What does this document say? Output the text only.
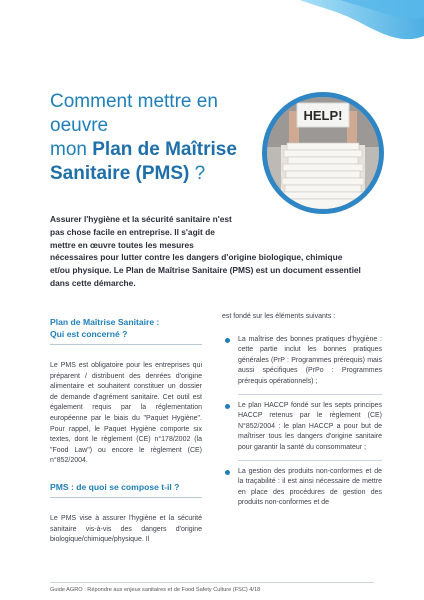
Comment mettre en
oeuvre
mon Plan de Maîtrise
Sanitaire (PMS) ?
HELP!

Assurer l'hygiène et la sécurité sanitaire n'est

pas chose facile en entreprise. Il s'agit de

mettre en œuvre toutes les mesures

nécessaires pour lutter contre les dangers d'origine biologique, chimique

et/ou physique. Le Plan de Maîtrise Sanitaire (PMS) est un document essentiel

dans cette démarche.

Plan de Maîtrise Sanitaire :

Qui est concerné ?

Le PMS est obligatoire pour les entreprises qui préparent / distribuent des denrées d'origine alimentaire et souhaitent constituer un dossier de demande d'agrément sanitaire. Cet outil est également requis par la réglementation européenne par le biais du "Paquet Hygiène". Pour rappel, le Paquet Hygiène comporte six textes, dont le règlement (CE) n°178/2002 (la "Food Law") ou encore le règlement (CE) n°852/2004.

PMS : de quoi se compose t-il ?

Le PMS vise à assurer l'hygiène et la sécurité sanitaire vis-à-vis des dangers d'origine biologique/chimique/physique. Il

est fondé sur les éléments suivants :

La maîtrise des bonnes pratiques d'hygiène : cette partie inclut les bonnes pratiques générales (PrP : Programmes prérequis) mais aussi spécifiques (PrPo : Programmes prérequis opérationnels) ;

Le plan HACCP fondé sur les septs principes HACCP retenus par le règlement (CE) N°852/2004 : le plan HACCP a pour but de maîtriser tous les dangers d'origine sanitaire pour garantir la santé du consommateur ;

La gestion des produits non-conformes et de la traçabilité : il est ainsi nécessaire de mettre en place des procédures de gestion des produits non-conformes et de

Guide AGRO : Répondre aux enjeux sanitaires et de Food Safety Culture (FSC) 4/18
